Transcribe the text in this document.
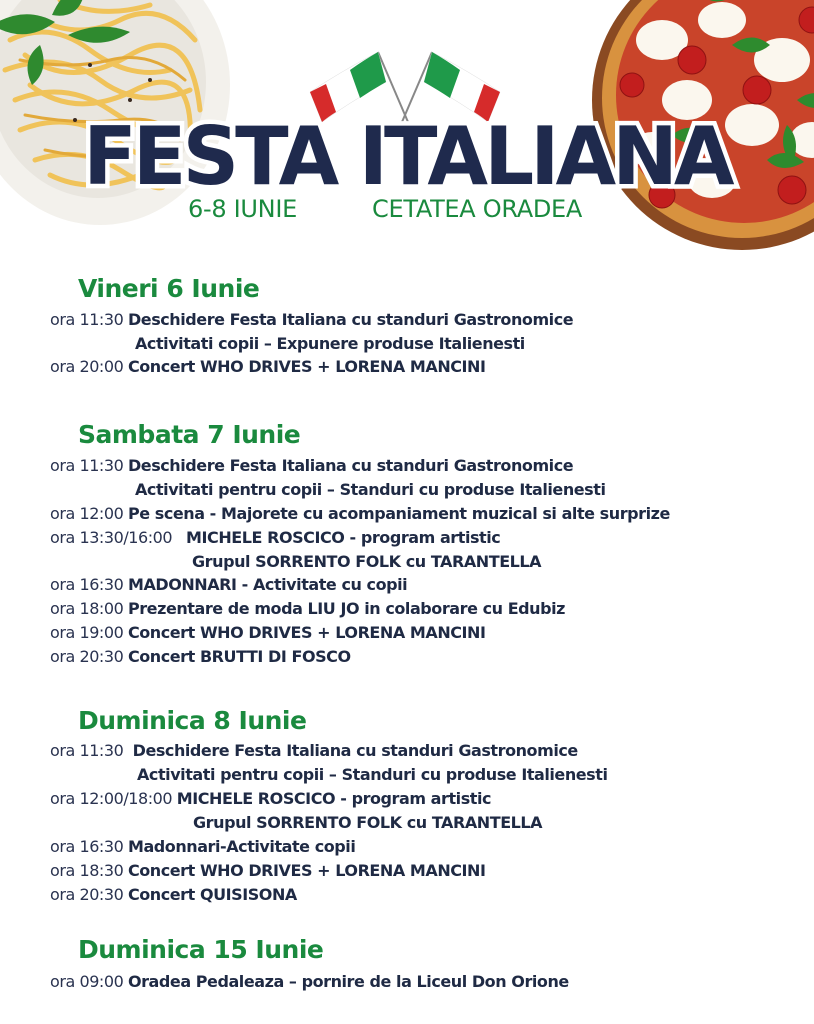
FESTA ITALIANA
6-8 IUNIE	CETATEA ORADEA
Vineri 6 Iunie
ora 11:30 Deschidere Festa Italiana cu standuri Gastronomice
Activitati copii – Expunere produse Italienesti
ora 20:00 Concert WHO DRIVES + LORENA MANCINI
Sambata 7 Iunie
ora 11:30 Deschidere Festa Italiana cu standuri Gastronomice
Activitati pentru copii – Standuri cu produse Italienesti
ora 12:00 Pe scena - Majorete cu acompaniament muzical si alte surprize
ora 13:30/16:00 MICHELE ROSCICO - program artistic
Grupul SORRENTO FOLK cu TARANTELLA
ora 16:30 MADONNARI - Activitate cu copii
ora 18:00 Prezentare de moda LIU JO in colaborare cu Edubiz
ora 19:00 Concert WHO DRIVES + LORENA MANCINI
ora 20:30 Concert BRUTTI DI FOSCO
Duminica 8 Iunie
ora 11:30 Deschidere Festa Italiana cu standuri Gastronomice
Activitati pentru copii – Standuri cu produse Italienesti
ora 12:00/18:00 MICHELE ROSCICO - program artistic
Grupul SORRENTO FOLK cu TARANTELLA
ora 16:30 Madonnari-Activitate copii
ora 18:30 Concert WHO DRIVES + LORENA MANCINI
ora 20:30 Concert QUISISONA
Duminica 15 Iunie
ora 09:00 Oradea Pedaleaza – pornire de la Liceul Don Orione
